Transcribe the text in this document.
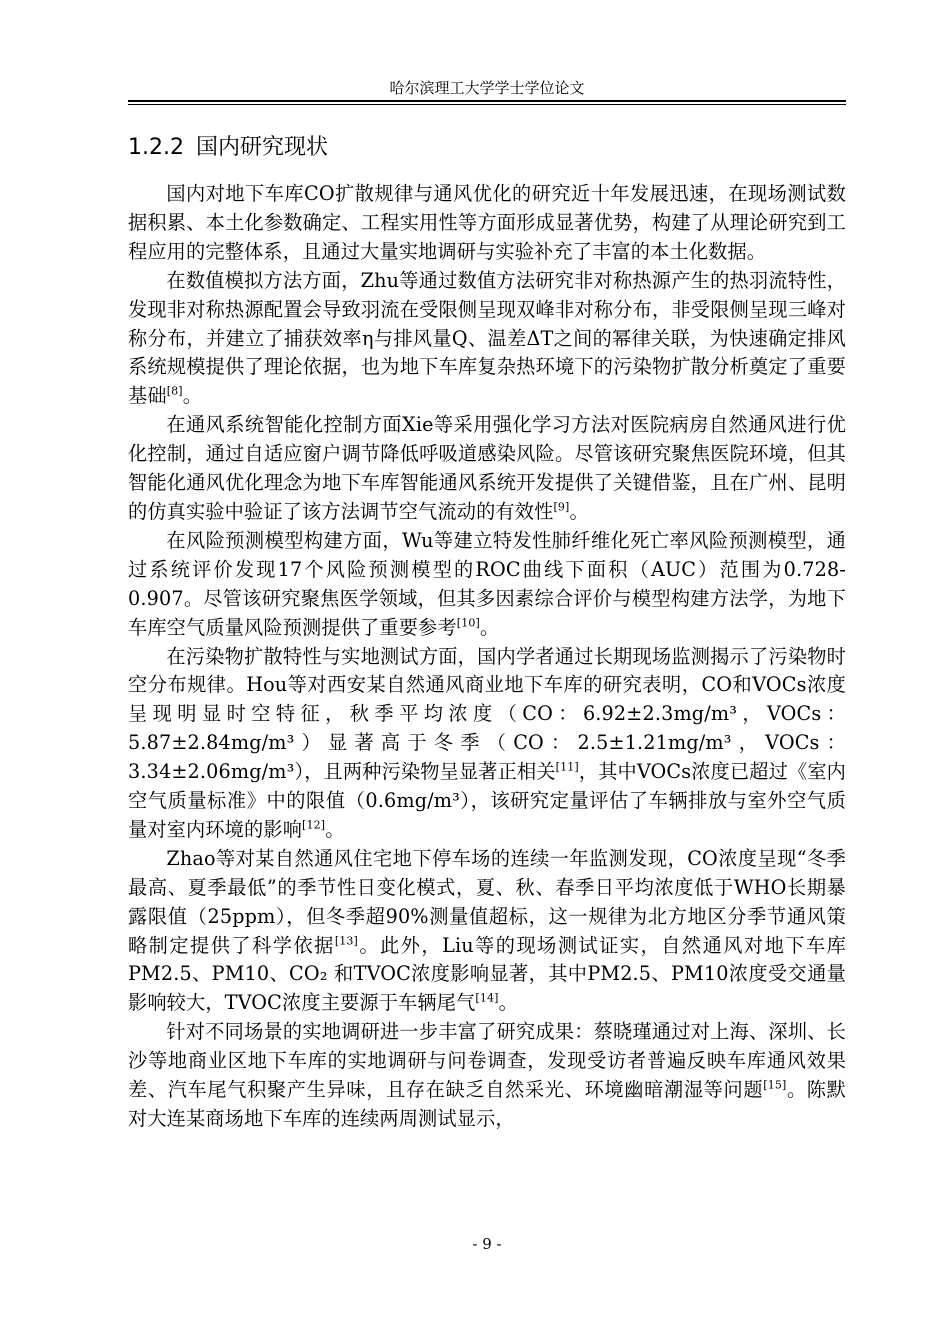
哈尔滨理工大学学士学位论文
1.2.2 国内研究现状

国内对地下车库CO扩散规律与通风优化的研究近十年发展迅速，在现场测试数据积累、本土化参数确定、工程实用性等方面形成显著优势，构建了从理论研究到工程应用的完整体系，且通过大量实地调研与实验补充了丰富的本土化数据。

在数值模拟方法方面，Zhu等通过数值方法研究非对称热源产生的热羽流特性，发现非对称热源配置会导致羽流在受限侧呈现双峰非对称分布，非受限侧呈现三峰对称分布，并建立了捕获效率η与排风量Q、温差ΔT之间的幂律关联，为快速确定排风系统规模提供了理论依据，也为地下车库复杂热环境下的污染物扩散分析奠定了重要基础[8]。

在通风系统智能化控制方面Xie等采用强化学习方法对医院病房自然通风进行优化控制，通过自适应窗户调节降低呼吸道感染风险。尽管该研究聚焦医院环境，但其智能化通风优化理念为地下车库智能通风系统开发提供了关键借鉴，且在广州、昆明的仿真实验中验证了该方法调节空气流动的有效性[9]。

在风险预测模型构建方面，Wu等建立特发性肺纤维化死亡率风险预测模型，通过系统评价发现17个风险预测模型的ROC曲线下面积（AUC）范围为0.728-0.907。尽管该研究聚焦医学领域，但其多因素综合评价与模型构建方法学，为地下车库空气质量风险预测提供了重要参考[10]。

在污染物扩散特性与实地测试方面，国内学者通过长期现场监测揭示了污染物时空分布规律。Hou等对西安某自然通风商业地下车库的研究表明，CO和VOCs浓度呈现明显时空特征，秋季平均浓度（CO：6.92±2.3mg/m³，VOCs：5.87±2.84mg/m³）显著高于冬季（CO：2.5±1.21mg/m³，VOCs：3.34±2.06mg/m³），且两种污染物呈显著正相关[11]，其中VOCs浓度已超过《室内空气质量标准》中的限值（0.6mg/m³），该研究定量评估了车辆排放与室外空气质量对室内环境的影响[12]。

Zhao等对某自然通风住宅地下停车场的连续一年监测发现，CO浓度呈现“冬季最高、夏季最低”的季节性日变化模式，夏、秋、春季日平均浓度低于WHO长期暴露限值（25ppm），但冬季超90%测量值超标，这一规律为北方地区分季节通风策略制定提供了科学依据[13]。此外，Liu等的现场测试证实，自然通风对地下车库PM2.5、PM10、CO₂ 和TVOC浓度影响显著，其中PM2.5、PM10浓度受交通量影响较大，TVOC浓度主要源于车辆尾气[14]。

针对不同场景的实地调研进一步丰富了研究成果：蔡晓瑾通过对上海、深圳、长沙等地商业区地下车库的实地调研与问卷调查，发现受访者普遍反映车库通风效果差、汽车尾气积聚产生异味，且存在缺乏自然采光、环境幽暗潮湿等问题[15]。陈默对大连某商场地下车库的连续两周测试显示，

- 9 -
